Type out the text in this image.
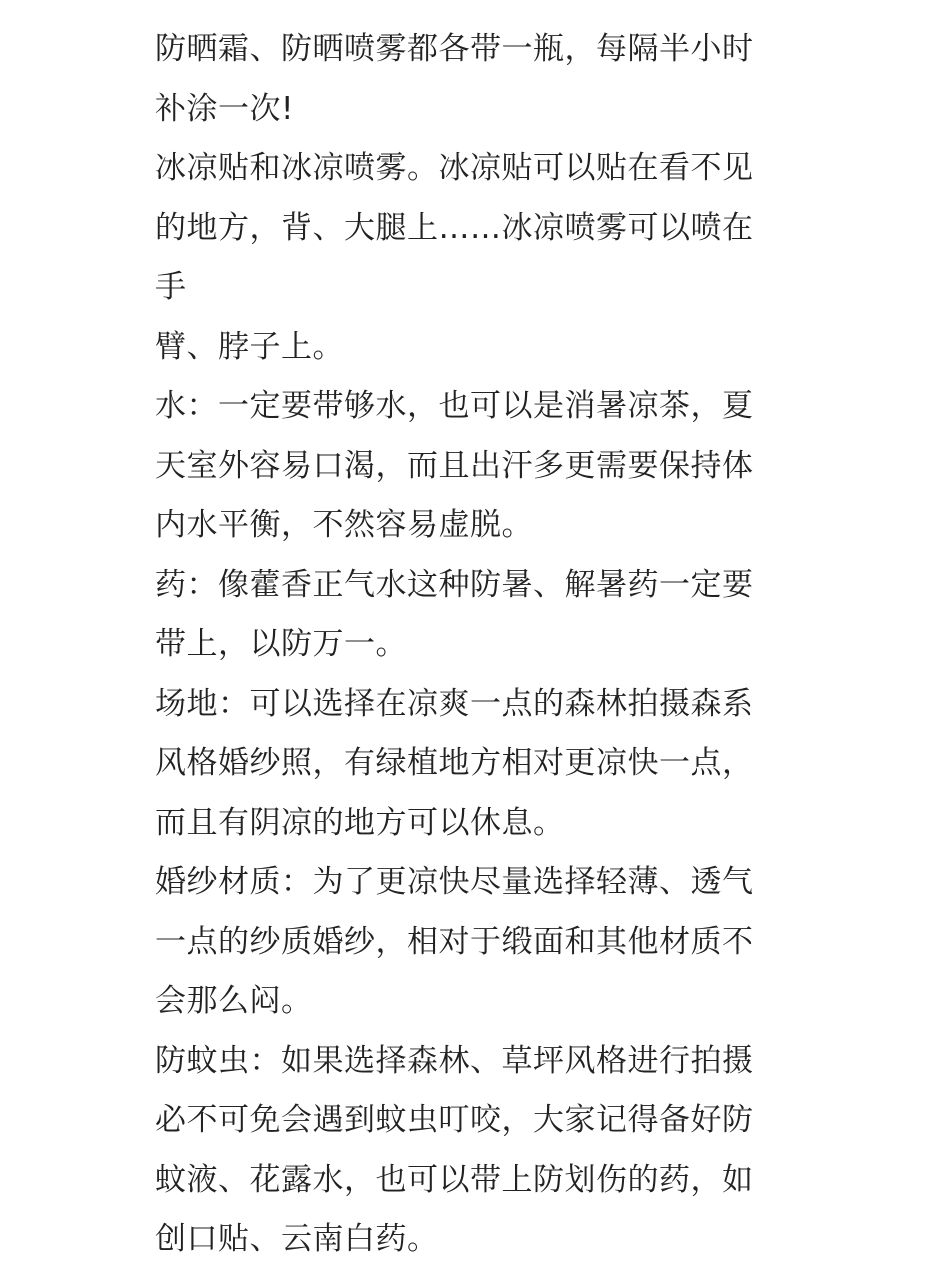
防晒霜、防晒喷雾都各带一瓶，每隔半小时
补涂一次!

冰凉贴和冰凉喷雾。冰凉贴可以贴在看不见
的地方，背、大腿上……冰凉喷雾可以喷在手
臂、脖子上。

水：一定要带够水，也可以是消暑凉茶，夏
天室外容易口渴，而且出汗多更需要保持体
内水平衡，不然容易虚脱。

药：像藿香正气水这种防暑、解暑药一定要
带上，以防万一。

场地：可以选择在凉爽一点的森林拍摄森系
风格婚纱照，有绿植地方相对更凉快一点，
而且有阴凉的地方可以休息。

婚纱材质：为了更凉快尽量选择轻薄、透气
一点的纱质婚纱，相对于缎面和其他材质不
会那么闷。

防蚊虫：如果选择森林、草坪风格进行拍摄
必不可免会遇到蚊虫叮咬，大家记得备好防
蚊液、花露水，也可以带上防划伤的药，如
创口贴、云南白药。
